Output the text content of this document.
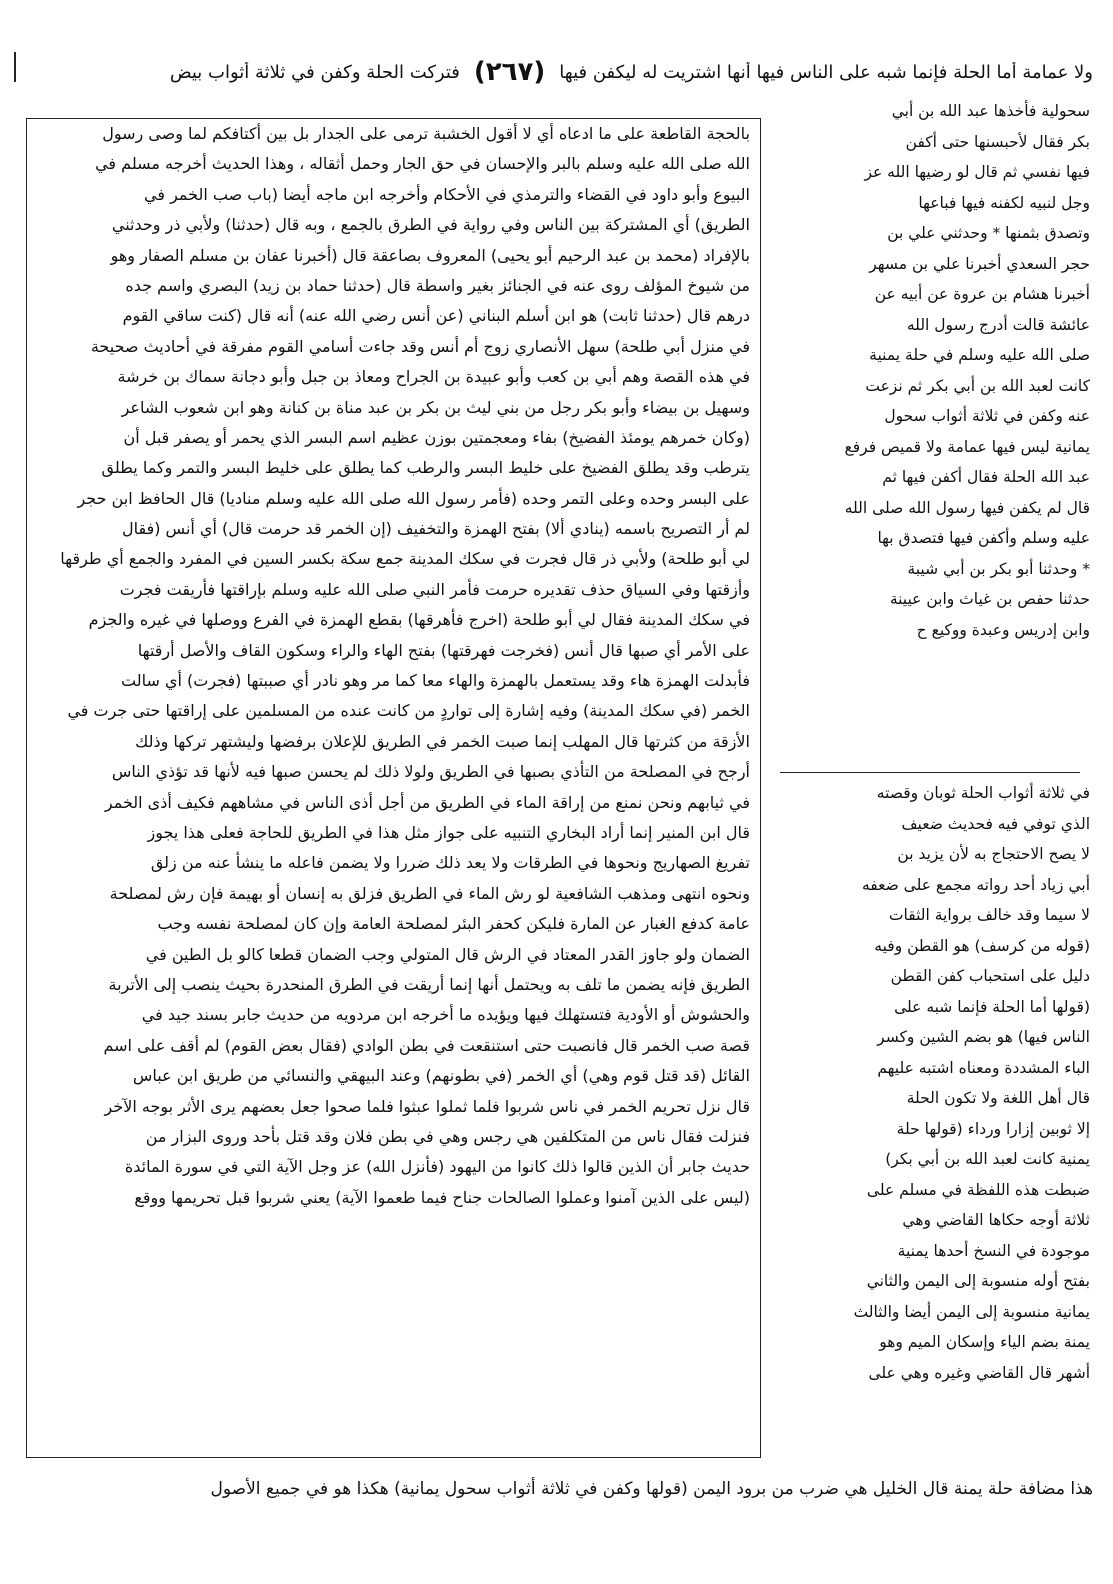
ولا عمامة أما الحلة فإنما شبه على الناس فيها أنها اشتريت له ليكفن فيها
(٢٦٧)
فترکت الحلة وکفن في ثلاثة أثواب بيض
بالحجة القاطعة على ما ادعاه أي لا أقول الخشبة ترمى على الجدار بل بين أكتافكم لما وصى رسول
الله صلى الله عليه وسلم بالبر والإحسان في حق الجار وحمل أثقاله ، وهذا الحديث أخرجه مسلم في
البيوع وأبو داود في القضاء والترمذي في الأحكام وأخرجه ابن ماجه أيضا (باب صب الخمر في
الطريق) أي المشتركة بين الناس وفي رواية في الطرق بالجمع ، وبه قال (حدثنا) ولأبي ذر وحدثني
بالإفراد (محمد بن عبد الرحيم أبو يحيى) المعروف بصاعقة قال (أخبرنا عفان بن مسلم الصفار وهو
من شيوخ المؤلف روى عنه في الجنائز بغير واسطة قال (حدثنا حماد بن زيد) البصري واسم جده
درهم قال (حدثنا ثابت) هو ابن أسلم البناني (عن أنس رضي الله عنه) أنه قال (كنت ساقي القوم
في منزل أبي طلحة) سهل الأنصاري زوج أم أنس وقد جاءت أسامي القوم مفرقة في أحاديث صحيحة
في هذه القصة وهم أبي بن كعب وأبو عبيدة بن الجراح ومعاذ بن جبل وأبو دجانة سماك بن خرشة
وسهيل بن بيضاء وأبو بكر رجل من بني ليث بن بكر بن عبد مناة بن كنانة وهو ابن شعوب الشاعر
(وكان خمرهم يومئذ الفضيخ) بفاء ومعجمتين بوزن عظيم اسم البسر الذي يحمر أو يصفر قبل أن
يترطب وقد يطلق الفضيخ على خليط البسر والرطب كما يطلق على خليط البسر والتمر وكما يطلق
على البسر وحده وعلى التمر وحده (فأمر رسول الله صلى الله عليه وسلم مناديا) قال الحافظ ابن حجر
لم أر التصريح باسمه (ينادي ألا) بفتح الهمزة والتخفيف (إن الخمر قد حرمت قال) أي أنس (فقال
لي أبو طلحة) ولأبي ذر قال فجرت في سكك المدينة جمع سكة بكسر السين في المفرد والجمع أي طرقها
وأزقتها وفي السياق حذف تقديره حرمت فأمر النبي صلى الله عليه وسلم بإراقتها فأريقت فجرت
في سكك المدينة فقال لي أبو طلحة (اخرج فأهرقها) بقطع الهمزة في الفرع ووصلها في غيره والجزم
على الأمر أي صبها قال أنس (فخرجت فهرقتها) بفتح الهاء والراء وسكون القاف والأصل أرقتها
فأبدلت الهمزة هاء وقد يستعمل بالهمزة والهاء معا كما مر وهو نادر أي صببتها (فجرت) أي سالت
الخمر (في سكك المدينة) وفيه إشارة إلى تواردٍ من كانت عنده من المسلمين على إراقتها حتى جرت في
الأزقة من كثرتها قال المهلب إنما صبت الخمر في الطريق للإعلان برفضها وليشتهر تركها وذلك
أرجح في المصلحة من التأذي بصبها في الطريق ولولا ذلك لم يحسن صبها فيه لأنها قد تؤذي الناس
في ثيابهم ونحن نمنع من إراقة الماء في الطريق من أجل أذى الناس في مشاههم فكيف أذى الخمر
قال ابن المنير إنما أراد البخاري التنبيه على جواز مثل هذا في الطريق للحاجة فعلى هذا يجوز
تفريغ الصهاريج ونحوها في الطرقات ولا يعد ذلك ضررا ولا يضمن فاعله ما ينشأ عنه من زلق
ونحوه انتهى ومذهب الشافعية لو رش الماء في الطريق فزلق به إنسان أو بهيمة فإن رش لمصلحة
عامة كدفع الغبار عن المارة فليكن كحفر البئر لمصلحة العامة وإن كان لمصلحة نفسه وجب
الضمان ولو جاوز القدر المعتاد في الرش قال المتولي وجب الضمان قطعا كالو بل الطين في
الطريق فإنه يضمن ما تلف به ويحتمل أنها إنما أريقت في الطرق المنحدرة بحيث ينصب إلى الأتربة
والحشوش أو الأودية فتستهلك فيها ويؤيده ما أخرجه ابن مردويه من حديث جابر بسند جيد في
قصة صب الخمر قال فانصبت حتى استنقعت في بطن الوادي (فقال بعض القوم) لم أقف على اسم
القائل (قد قتل قوم وهي) أي الخمر (في بطونهم) وعند البيهقي والنسائي من طريق ابن عباس
قال نزل تحريم الخمر في ناس شربوا فلما ثملوا عبثوا فلما صحوا جعل بعضهم يرى الأثر بوجه الآخر
فنزلت فقال ناس من المتكلفين هي رجس وهي في بطن فلان وقد قتل بأحد وروى البزار من
حديث جابر أن الذين قالوا ذلك كانوا من اليهود (فأنزل الله) عز وجل الآية التي في سورة المائدة
(ليس على الذين آمنوا وعملوا الصالحات جناح فيما طعموا الآية) يعني شربوا قبل تحريمها ووقع
سحولية فأخذها عبد الله بن أبي
بكر فقال لأحبسنها حتى أكفن
فيها نفسي ثم قال لو رضيها الله عز
وجل لنبيه لكفنه فيها فباعها
وتصدق بثمنها * وحدثني علي بن
حجر السعدي أخبرنا علي بن مسهر
أخبرنا هشام بن عروة عن أبيه عن
عائشة قالت أدرج رسول الله
صلى الله عليه وسلم في حلة يمنية
كانت لعبد الله بن أبي بكر ثم نزعت
عنه وكفن في ثلاثة أثواب سحول
يمانية ليس فيها عمامة ولا قميص فرفع
عبد الله الحلة فقال أكفن فيها ثم
قال لم يكفن فيها رسول الله صلى الله
عليه وسلم وأكفن فيها فتصدق بها
* وحدثنا أبو بكر بن أبي شيبة
حدثنا حفص بن غياث وابن عيينة
وابن إدريس وعبدة ووكيع ح
في ثلاثة أثواب الحلة ثوبان وقصته
الذي توفي فيه فحديث ضعيف
لا يصح الاحتجاج به لأن يزيد بن
أبي زياد أحد رواته مجمع على ضعفه
لا سيما وقد خالف برواية الثقات
(قوله من كرسف) هو القطن وفيه
دليل على استحباب كفن القطن
(قولها أما الحلة فإنما شبه على
الناس فيها) هو بضم الشين وكسر
الباء المشددة ومعناه اشتبه عليهم
قال أهل اللغة ولا تكون الحلة
إلا ثوبين إزارا ورداء (قولها حلة
يمنية كانت لعبد الله بن أبي بكر)
ضبطت هذه اللفظة في مسلم على
ثلاثة أوجه حكاها القاضي وهي
موجودة في النسخ أحدها يمنية
بفتح أوله منسوبة إلى اليمن والثاني
يمانية منسوبة إلى اليمن أيضا والثالث
يمنة بضم الياء وإسكان الميم وهو
أشهر قال القاضي وغيره وهي على
هذا مضافة حلة يمنة قال الخليل هي ضرب من برود اليمن (قولها وكفن في ثلاثة أثواب سحول يمانية) هكذا هو في جميع الأصول
